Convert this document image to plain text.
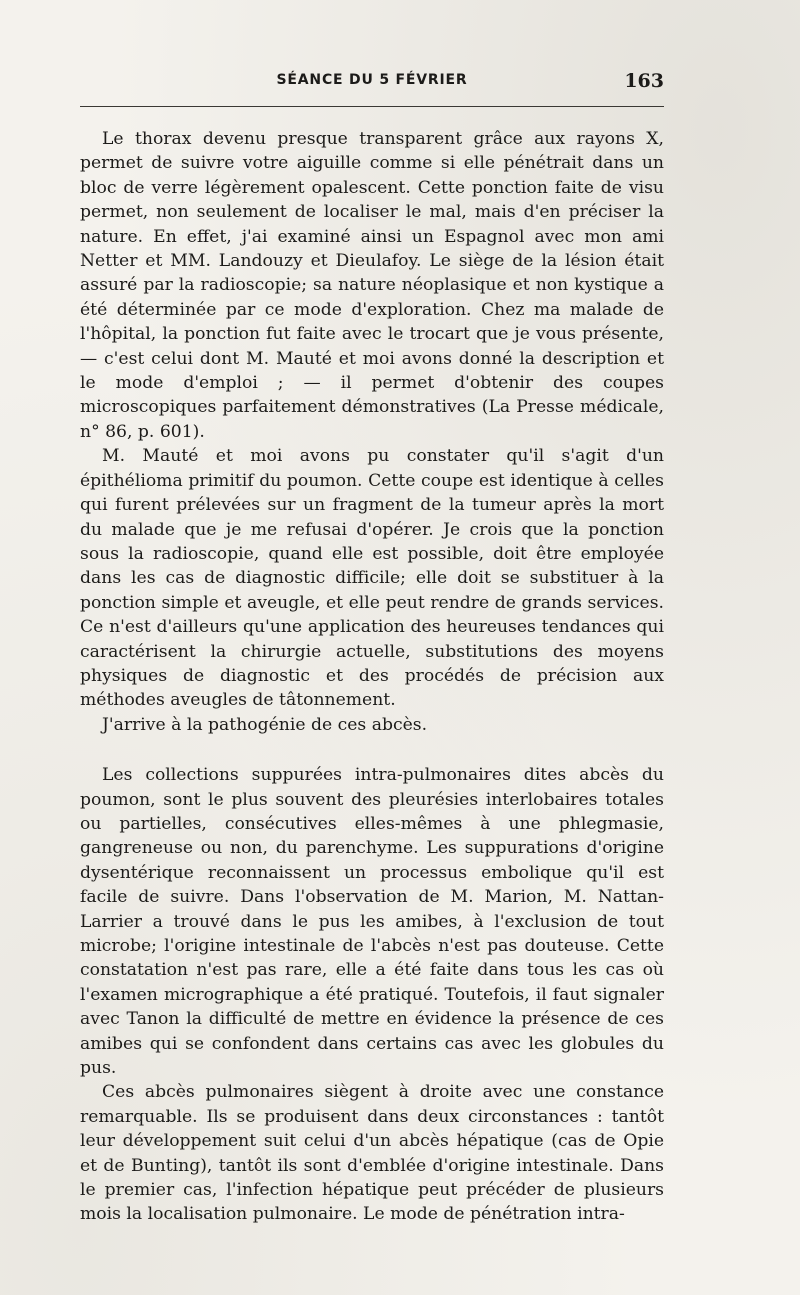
SÉANCE DU 5 FÉVRIER	163

Le thorax devenu presque transparent grâce aux rayons X, permet de suivre votre aiguille comme si elle pénétrait dans un bloc de verre légèrement opalescent. Cette ponction faite de visu permet, non seulement de localiser le mal, mais d'en préciser la nature. En effet, j'ai examiné ainsi un Espagnol avec mon ami Netter et MM. Landouzy et Dieulafoy. Le siège de la lésion était assuré par la radioscopie; sa nature néoplasique et non kystique a été déterminée par ce mode d'exploration. Chez ma malade de l'hôpital, la ponction fut faite avec le trocart que je vous présente, — c'est celui dont M. Mauté et moi avons donné la description et le mode d'emploi ; — il permet d'obtenir des coupes microscopiques parfaitement démonstratives (La Presse médicale, n° 86, p. 601).

M. Mauté et moi avons pu constater qu'il s'agit d'un épithélioma primitif du poumon. Cette coupe est identique à celles qui furent prélevées sur un fragment de la tumeur après la mort du malade que je me refusai d'opérer. Je crois que la ponction sous la radioscopie, quand elle est possible, doit être employée dans les cas de diagnostic difficile; elle doit se substituer à la ponction simple et aveugle, et elle peut rendre de grands services. Ce n'est d'ailleurs qu'une application des heureuses tendances qui caractérisent la chirurgie actuelle, substitutions des moyens physiques de diagnostic et des procédés de précision aux méthodes aveugles de tâtonnement.

J'arrive à la pathogénie de ces abcès.

Les collections suppurées intra-pulmonaires dites abcès du poumon, sont le plus souvent des pleurésies interlobaires totales ou partielles, consécutives elles-mêmes à une phlegmasie, gangreneuse ou non, du parenchyme. Les suppurations d'origine dysentérique reconnaissent un processus embolique qu'il est facile de suivre. Dans l'observation de M. Marion, M. Nattan-Larrier a trouvé dans le pus les amibes, à l'exclusion de tout microbe; l'origine intestinale de l'abcès n'est pas douteuse. Cette constatation n'est pas rare, elle a été faite dans tous les cas où l'examen micrographique a été pratiqué. Toutefois, il faut signaler avec Tanon la difficulté de mettre en évidence la présence de ces amibes qui se confondent dans certains cas avec les globules du pus.

Ces abcès pulmonaires siègent à droite avec une constance remarquable. Ils se produisent dans deux circonstances : tantôt leur développement suit celui d'un abcès hépatique (cas de Opie et de Bunting), tantôt ils sont d'emblée d'origine intestinale. Dans le premier cas, l'infection hépatique peut précéder de plusieurs mois la localisation pulmonaire. Le mode de pénétration intra-
